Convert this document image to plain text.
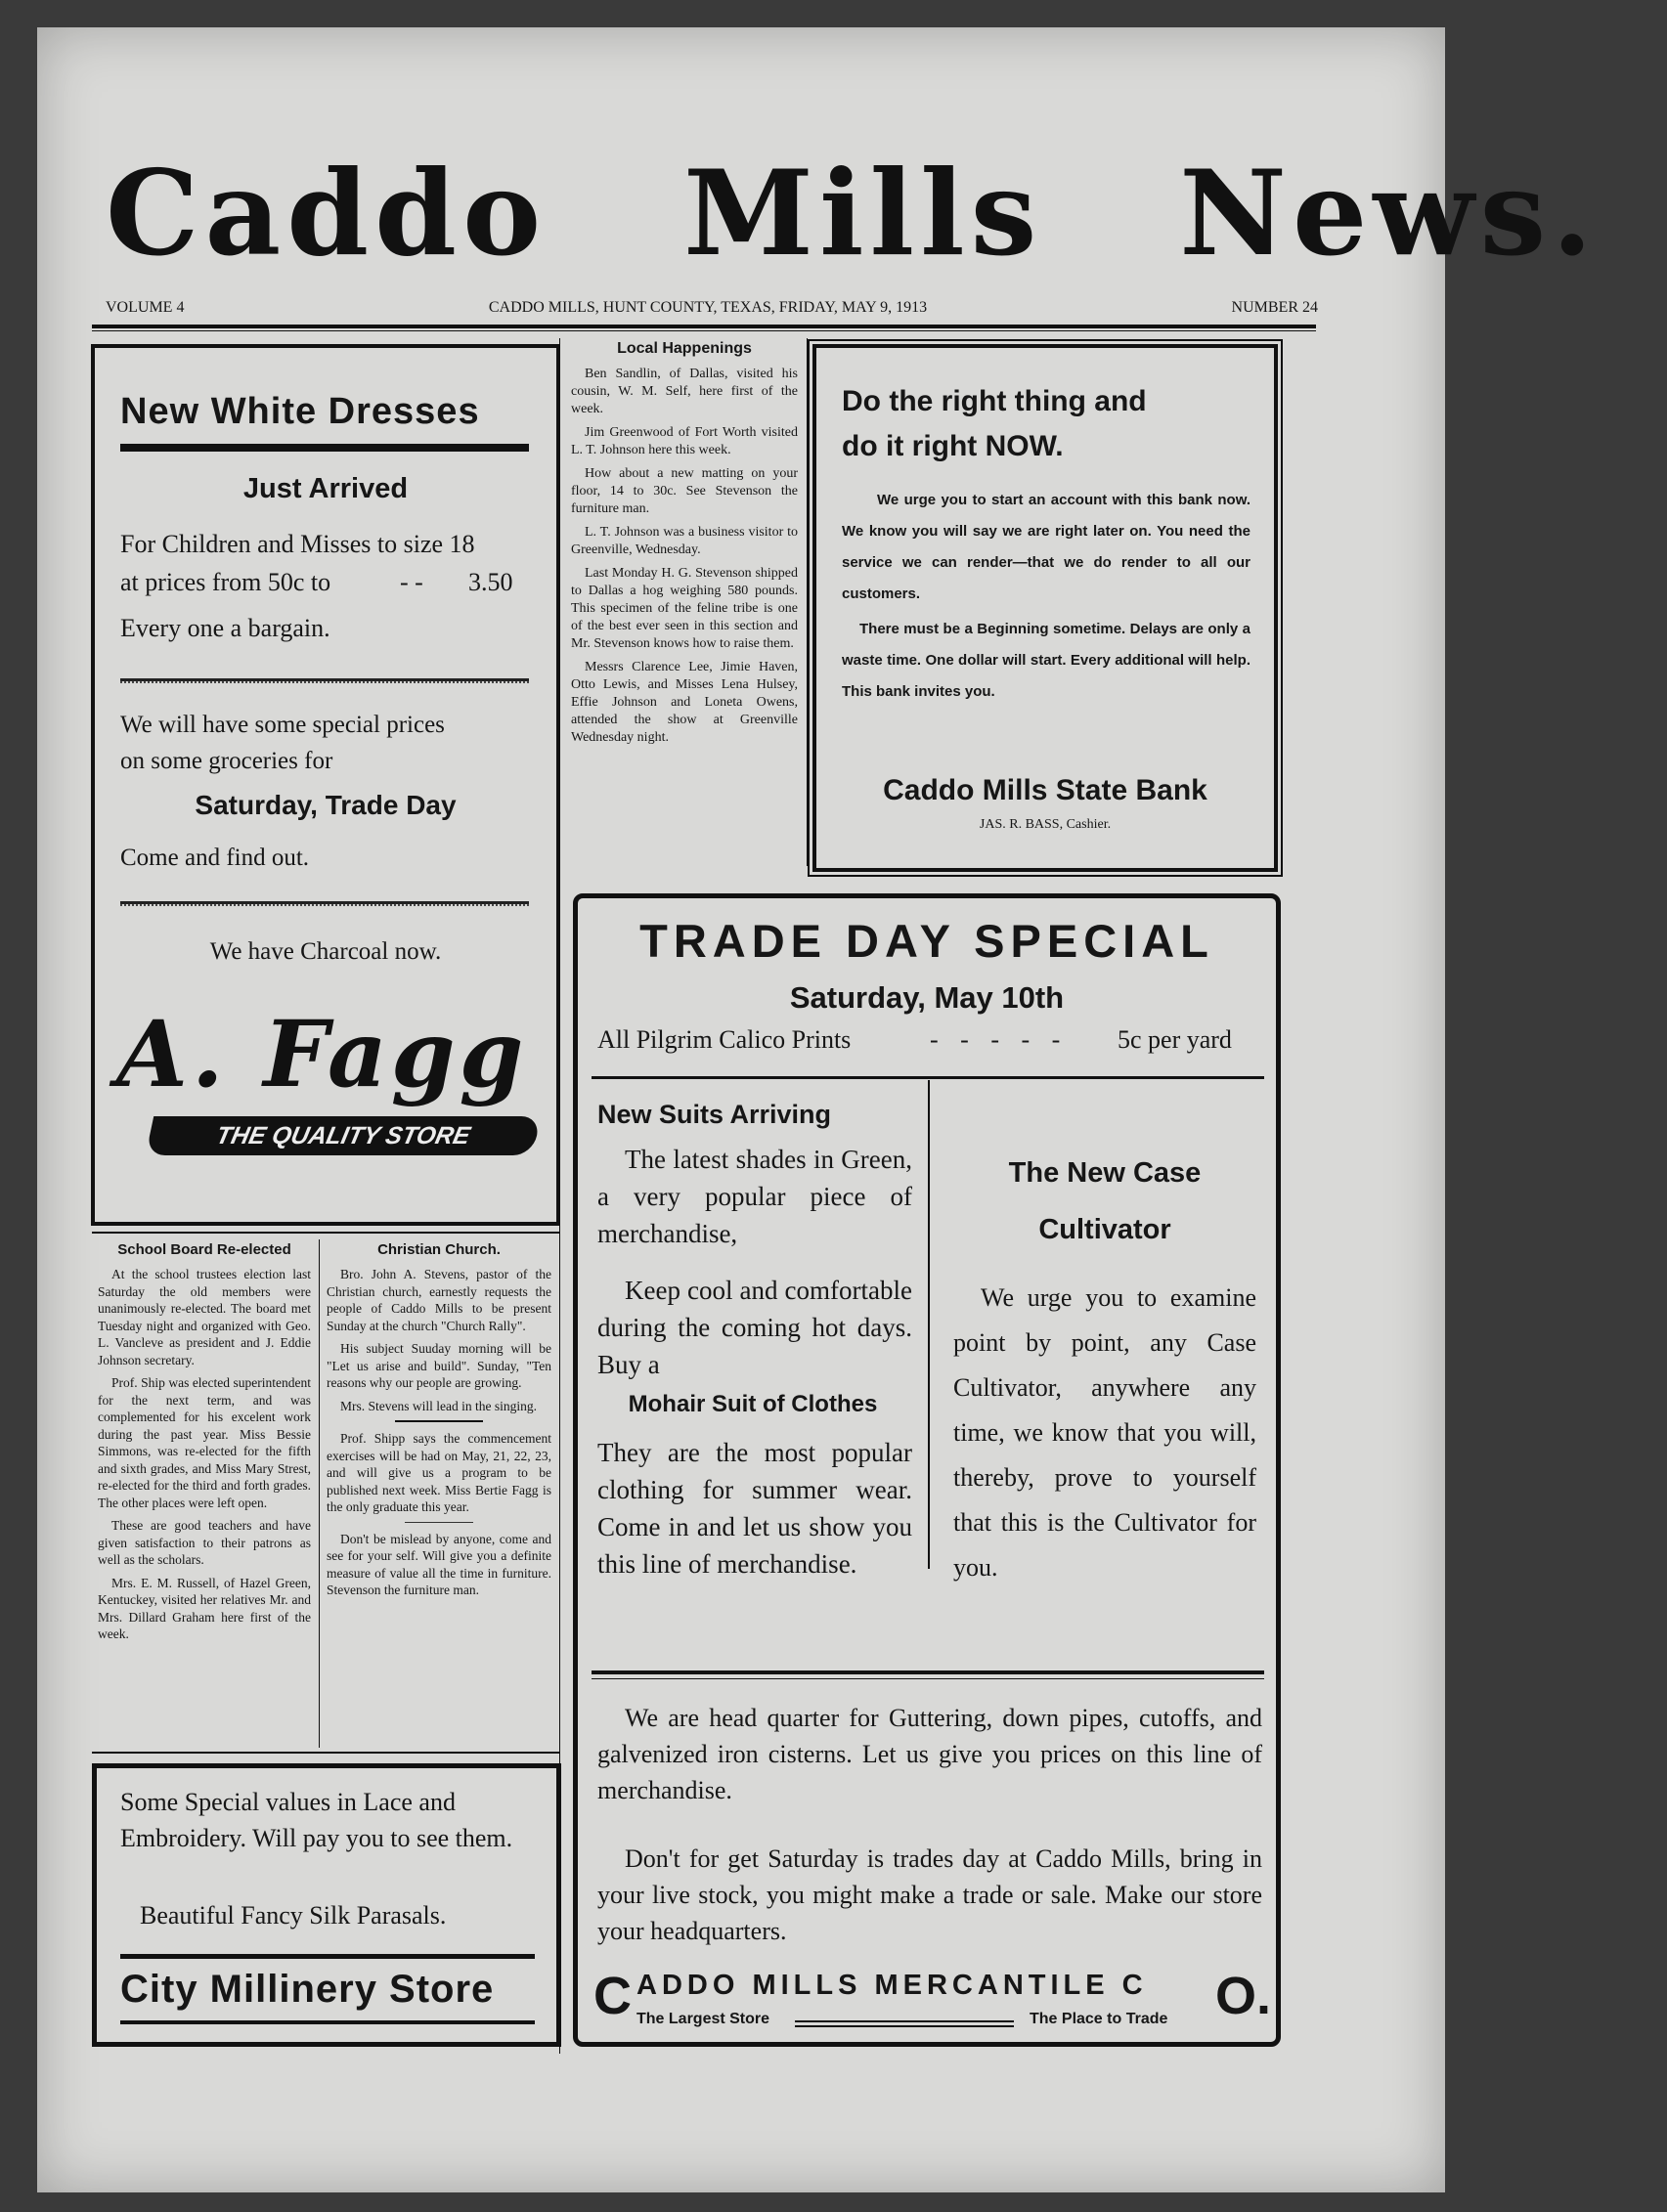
Caddo Mills News.
VOLUME 4	CADDO MILLS, HUNT COUNTY, TEXAS, FRIDAY, MAY 9, 1913	NUMBER 24
New White Dresses
Just Arrived
For Children and Misses to size 18
at prices from 50c to	- - 3.50
Every one a bargain.
We will have some special prices
on some groceries for
Saturday, Trade Day
Come and find out.
We have Charcoal now.
A. Fagg
THE QUALITY STORE
Local Happenings

Ben Sandlin, of Dallas, visited his cousin, W. M. Self, here first of the week.

Jim Greenwood of Fort Worth visited L. T. Johnson here this week.

How about a new matting on your floor, 14 to 30c. See Stevenson the furniture man.

L. T. Johnson was a business visitor to Greenville, Wednesday.

Last Monday H. G. Stevenson shipped to Dallas a hog weighing 580 pounds. This specimen of the feline tribe is one of the best ever seen in this section and Mr. Stevenson knows how to raise them.

Messrs Clarence Lee, Jimie Haven, Otto Lewis, and Misses Lena Hulsey, Effie Johnson and Loneta Owens, attended the show at Greenville Wednesday night.

Do the right thing and
do it right NOW.
We urge you to start an account with this bank now. We know you will say we are right later on. You need the service we can render—that we do render to all our customers.
There must be a Beginning sometime. Delays are only a waste time. One dollar will start. Every additional will help. This bank invites you.
Caddo Mills State Bank
JAS. R. BASS, Cashier.
TRADE DAY SPECIAL
Saturday, May 10th
All Pilgrim Calico Prints	- - - - - 5c per yard
New Suits Arriving
The latest shades in Green, a very popular piece of merchandise,
Keep cool and comfortable during the coming hot days. Buy a
Mohair Suit of Clothes
They are the most popular clothing for summer wear. Come in and let us show you this line of merchandise.
The New Case
Cultivator
We urge you to examine point by point, any Case Cultivator, anywhere any time, we know that you will, thereby, prove to yourself that this is the Cultivator for you.
We are head quarter for Guttering, down pipes, cutoffs, and galvenized iron cisterns. Let us give you prices on this line of merchandise.
Don't for get Saturday is trades day at Caddo Mills, bring in your live stock, you might make a trade or sale. Make our store your headquarters.
C ADDO MILLS MERCANTILE C O.
The Largest Store	The Place to Trade
School Board Re-elected

At the school trustees election last Saturday the old members were unanimously re-elected. The board met Tuesday night and organized with Geo. L. Vancleve as president and J. Eddie Johnson secretary.

Prof. Ship was elected superintendent for the next term, and was complemented for his excelent work during the past year. Miss Bessie Simmons, was re-elected for the fifth and sixth grades, and Miss Mary Strest, re-elected for the third and forth grades. The other places were left open.

These are good teachers and have given satisfaction to their patrons as well as the scholars.

Mrs. E. M. Russell, of Hazel Green, Kentuckey, visited her relatives Mr. and Mrs. Dillard Graham here first of the week.

Christian Church.

Bro. John A. Stevens, pastor of the Christian church, earnestly requests the people of Caddo Mills to be present Sunday at the church "Church Rally".

His subject Suuday morning will be "Let us arise and build". Sunday, "Ten reasons why our people are growing.

Mrs. Stevens will lead in the singing.

Prof. Shipp says the commencement exercises will be had on May, 21, 22, 23, and will give us a program to be published next week. Miss Bertie Fagg is the only graduate this year.

Don't be mislead by anyone, come and see for your self. Will give you a definite measure of value all the time in furniture. Stevenson the furniture man.

Some Special values in Lace and Embroidery. Will pay you to see them.
Beautiful Fancy Silk Parasals.
City Millinery Store
